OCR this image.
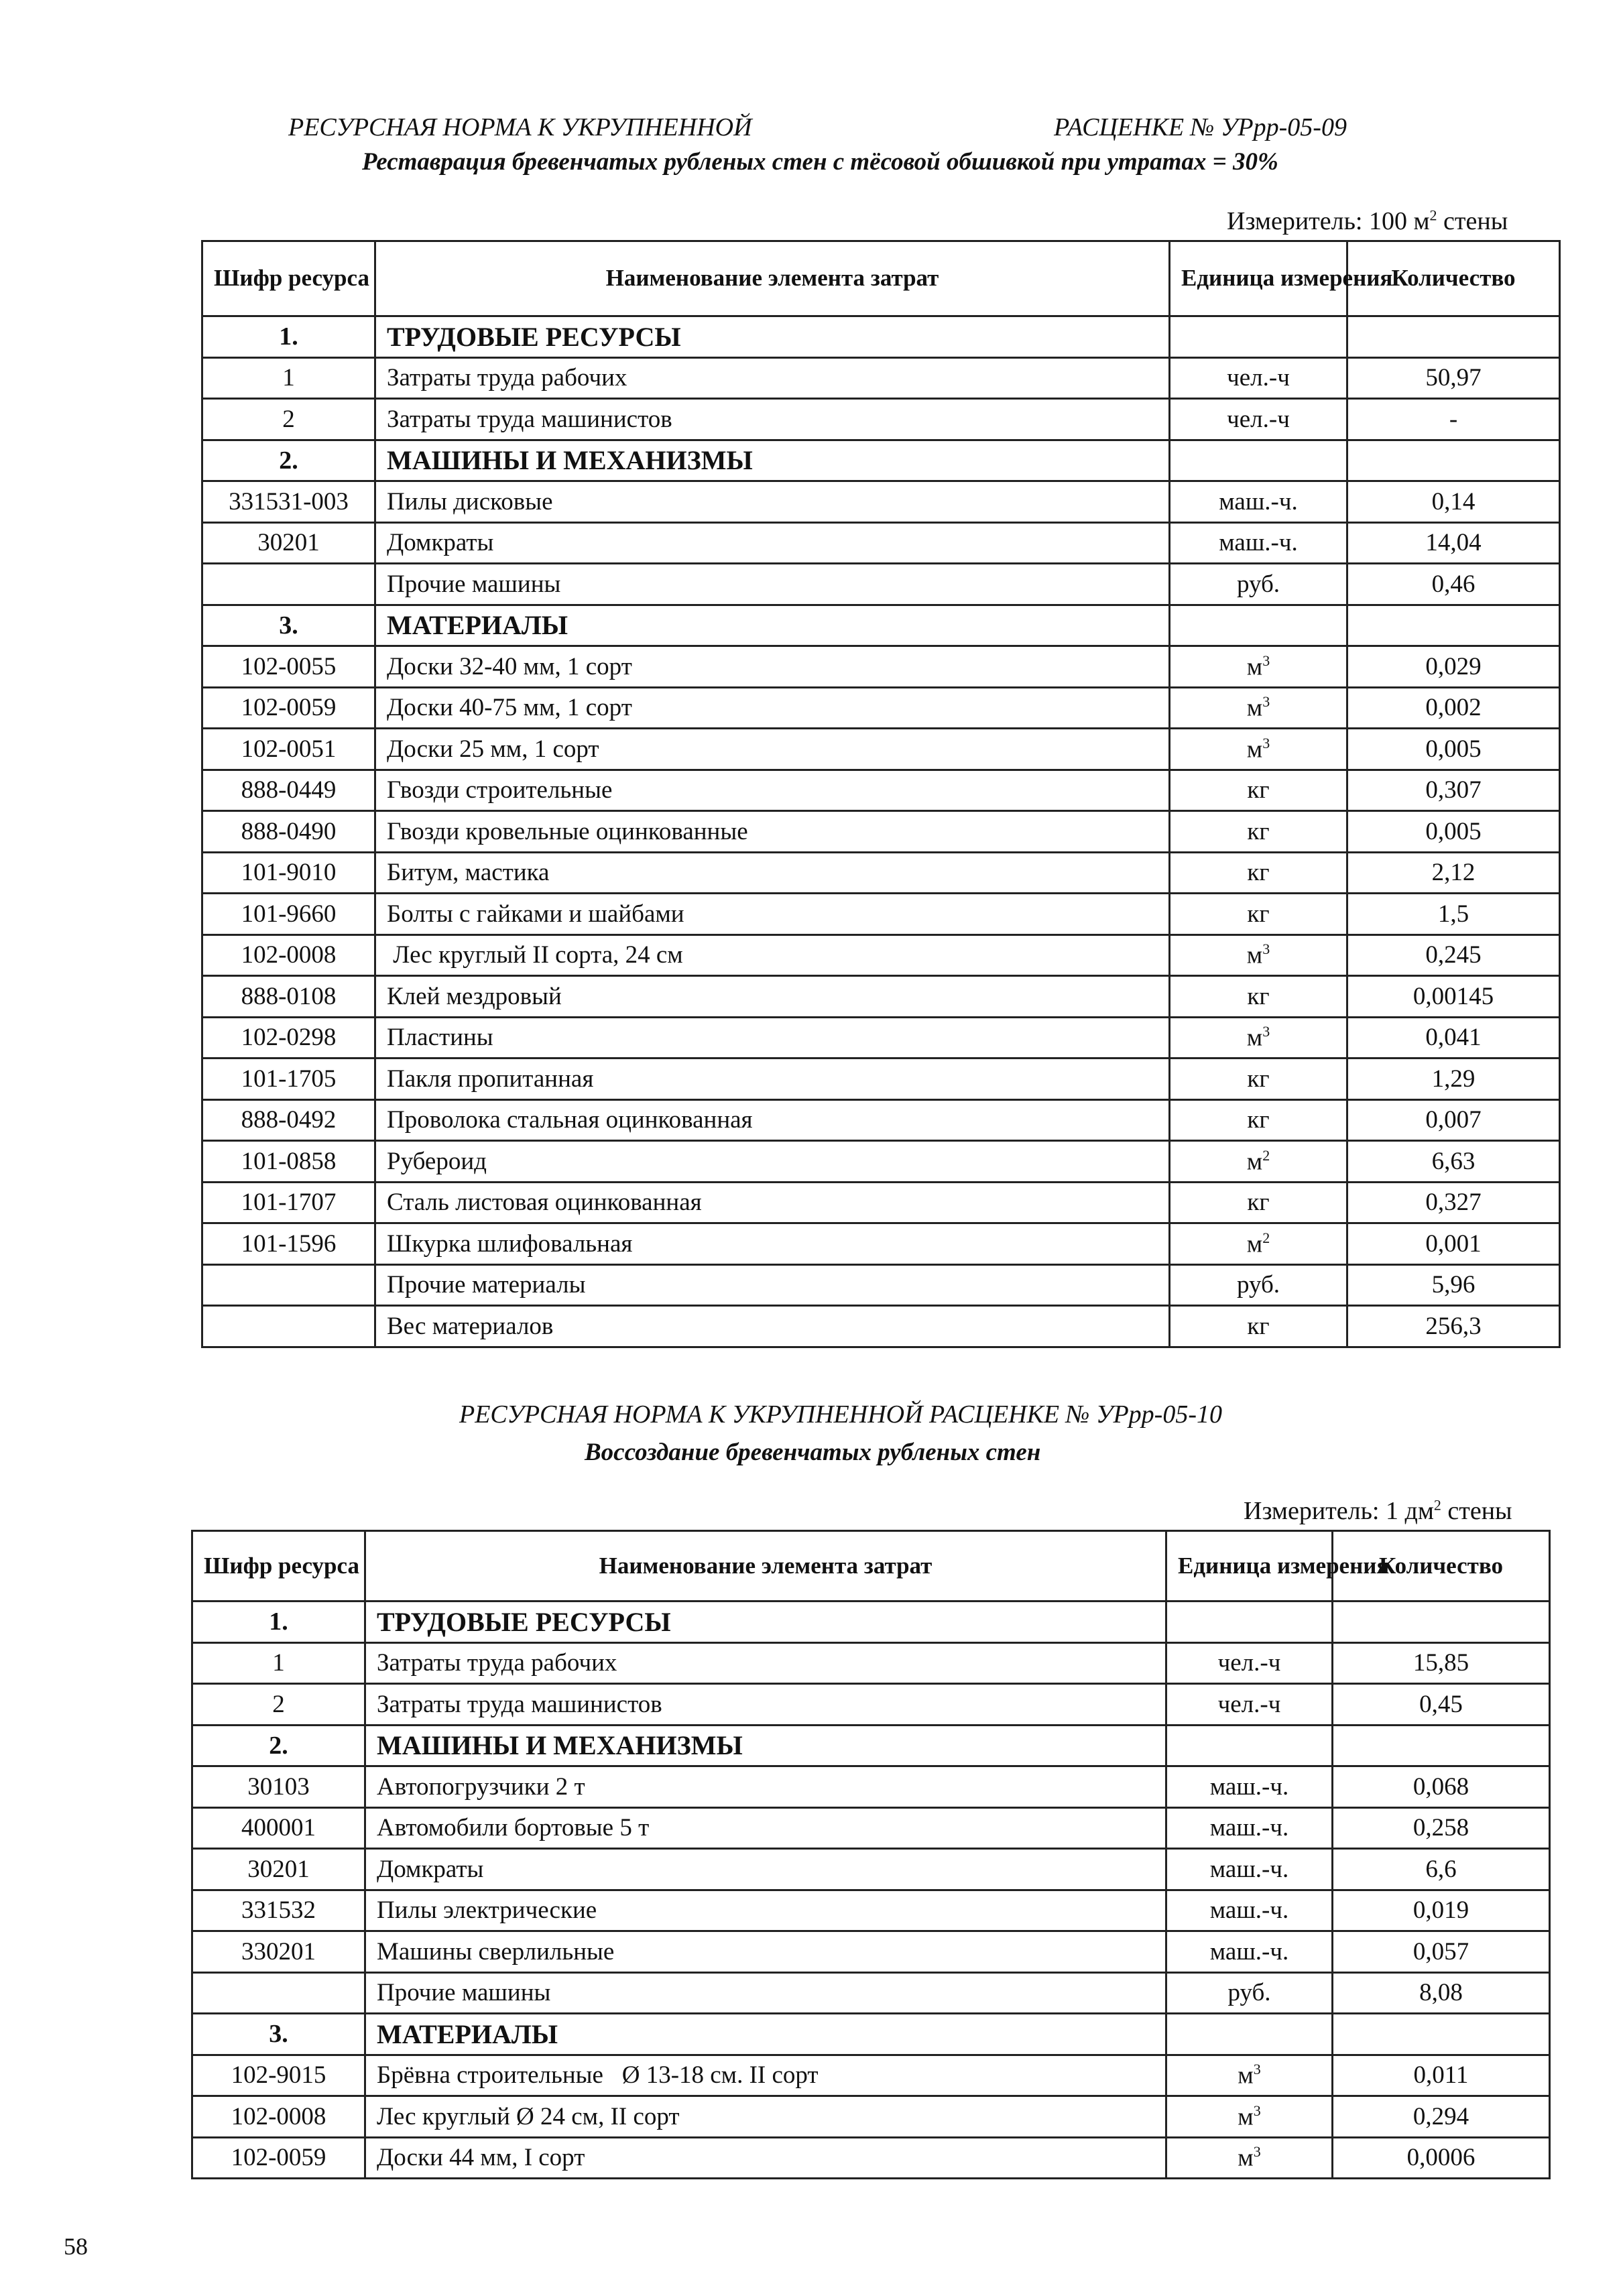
РЕСУРСНАЯ НОРМА К УКРУПНЕННОЙ	РАСЦЕНКЕ № УРрр-05-09
Реставрация бревенчатых рубленых стен с тёсовой обшивкой при утратах = 30%
Измеритель: 100 $м^2$ стены
Шифр ресурса	Наименование элемента затрат	Единица измерения	Количество
1.	ТРУДОВЫЕ РЕСУРСЫ		
1	Затраты труда рабочих	чел.-ч	50,97
2	Затраты труда машинистов	чел.-ч	-
2.	МАШИНЫ И МЕХАНИЗМЫ		
331531-003	Пилы дисковые	маш.-ч.	0,14
30201	Домкраты	маш.-ч.	14,04
	Прочие машины	руб.	0,46
3.	МАТЕРИАЛЫ		
102-0055	Доски 32-40 мм, 1 сорт	$м^3$	0,029
102-0059	Доски 40-75 мм, 1 сорт	$м^3$	0,002
102-0051	Доски 25 мм, 1 сорт	$м^3$	0,005
888-0449	Гвозди строительные	кг	0,307
888-0490	Гвозди кровельные оцинкованные	кг	0,005
101-9010	Битум, мастика	кг	2,12
101-9660	Болты с гайками и шайбами	кг	1,5
102-0008	Лес круглый II сорта, 24 см	$м^3$	0,245
888-0108	Клей мездровый	кг	0,00145
102-0298	Пластины	$м^3$	0,041
101-1705	Пакля пропитанная	кг	1,29
888-0492	Проволока стальная оцинкованная	кг	0,007
101-0858	Рубероид	$м^2$	6,63
101-1707	Сталь листовая оцинкованная	кг	0,327
101-1596	Шкурка шлифовальная	$м^2$	0,001
	Прочие материалы	руб.	5,96
	Вес материалов	кг	256,3
РЕСУРСНАЯ НОРМА К УКРУПНЕННОЙ РАСЦЕНКЕ № УРрр-05-10
Воссоздание бревенчатых рубленых стен
Измеритель: 1 $дм^2$ стены
Шифр ресурса	Наименование элемента затрат	Единица измерения	Количество
1.	ТРУДОВЫЕ РЕСУРСЫ		
1	Затраты труда рабочих	чел.-ч	15,85
2	Затраты труда машинистов	чел.-ч	0,45
2.	МАШИНЫ И МЕХАНИЗМЫ		
30103	Автопогрузчики 2 т	маш.-ч.	0,068
400001	Автомобили бортовые 5 т	маш.-ч.	0,258
30201	Домкраты	маш.-ч.	6,6
331532	Пилы электрические	маш.-ч.	0,019
330201	Машины сверлильные	маш.-ч.	0,057
	Прочие машины	руб.	8,08
3.	МАТЕРИАЛЫ		
102-9015	Брёвна строительные   Ø 13-18 см. II сорт	$м^3$	0,011
102-0008	Лес круглый Ø 24 см, II сорт	$м^3$	0,294
102-0059	Доски 44 мм, I сорт	$м^3$	0,0006
58
